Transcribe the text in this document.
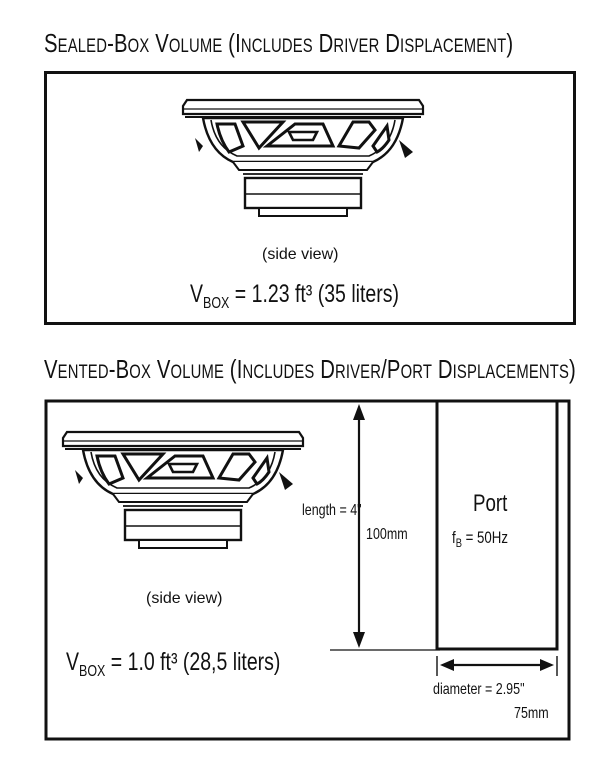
SEALED-BOX VOLUME (INCLUDES DRIVER DISPLACEMENT)
(side view)
$V_{BOX} = 1.23$ ft³ (35 liters)
VENTED-BOX VOLUME (INCLUDES DRIVER/PORT DISPLACEMENTS)
(side view)
$V_{BOX} = 1.0$ ft³ (28,5 liters)
length = 4"
100mm
Port
$f_B = 50Hz$
diameter = 2.95"
75mm
